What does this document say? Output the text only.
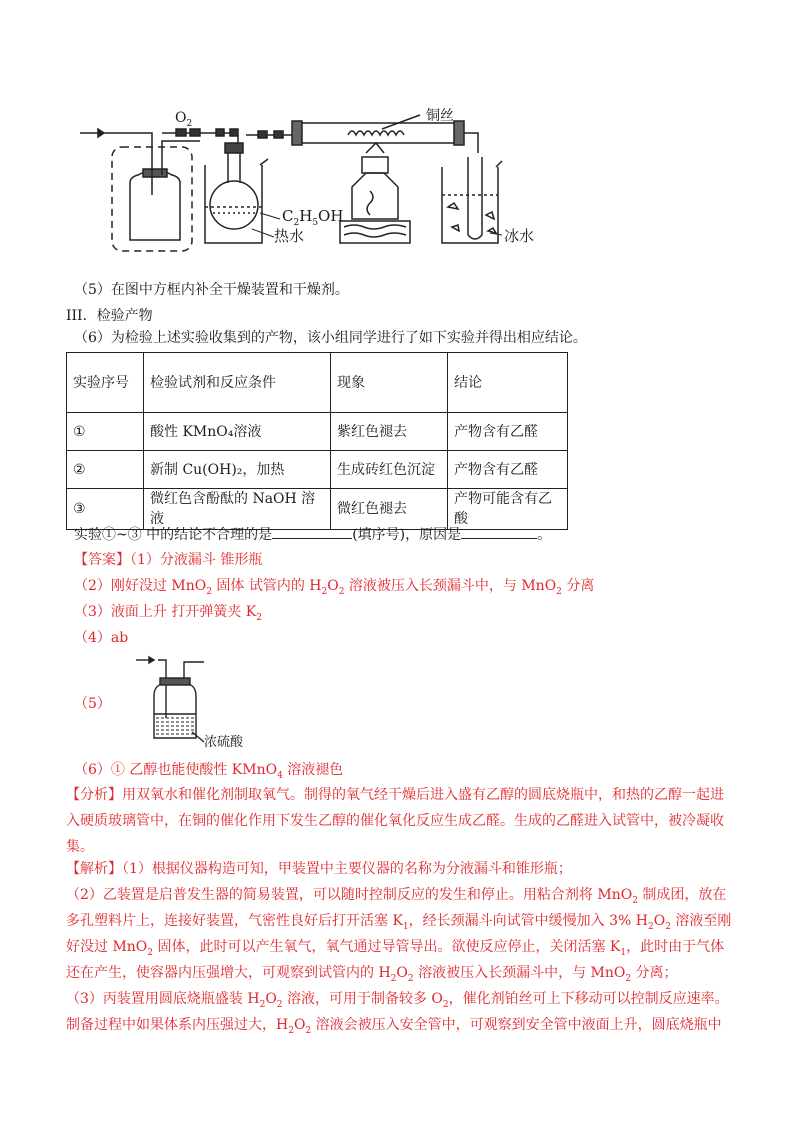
$O_2$	铜丝
$C_2H_5OH$
热水	冰水
（5）在图中方框内补全干燥装置和干燥剂。
III．检验产物
（6）为检验上述实验收集到的产物，该小组同学进行了如下实验并得出相应结论。
实验序号	检验试剂和反应条件	现象	结论
①	酸性 KMnO₄溶液	紫红色褪去	产物含有乙醛
②	新制 Cu(OH)₂，加热	生成砖红色沉淀	产物含有乙醛
③	微红色含酚酞的 NaOH 溶液	微红色褪去	产物可能含有乙酸
实验①~③ 中的结论不合理的是	(填序号)，原因是	。
【答案】（1）分液漏斗 锥形瓶
（2）刚好没过 MnO$_2$ 固体 试管内的 $H_2O_2$ 溶液被压入长颈漏斗中，与 MnO$_2$ 分离
（3）液面上升 打开弹簧夹 $K_2$
（4）ab
（5）
浓硫酸
（6）① 乙醇也能使酸性 KMnO$_4$ 溶液褪色
【分析】用双氧水和催化剂制取氧气。制得的氧气经干燥后进入盛有乙醇的圆底烧瓶中，和热的乙醇一起进入硬质玻璃管中，在铜的催化作用下发生乙醇的催化氧化反应生成乙醛。生成的乙醛进入试管中，被冷凝收集。
【解析】（1）根据仪器构造可知，甲装置中主要仪器的名称为分液漏斗和锥形瓶；
（2）乙装置是启普发生器的简易装置，可以随时控制反应的发生和停止。用粘合剂将 MnO$_2$ 制成团，放在多孔塑料片上，连接好装置，气密性良好后打开活塞 $K_1$，经长颈漏斗向试管中缓慢加入 3% $H_2O_2$ 溶液至刚好没过 MnO$_2$ 固体，此时可以产生氧气，氧气通过导管导出。欲使反应停止，关闭活塞 $K_1$，此时由于气体还在产生，使容器内压强增大，可观察到试管内的 $H_2O_2$ 溶液被压入长颈漏斗中，与 MnO$_2$ 分离；
（3）丙装置用圆底烧瓶盛装 $H_2O_2$ 溶液，可用于制备较多 $O_2$，催化剂铂丝可上下移动可以控制反应速率。制备过程中如果体系内压强过大，$H_2O_2$ 溶液会被压入安全管中，可观察到安全管中液面上升，圆底烧瓶中
